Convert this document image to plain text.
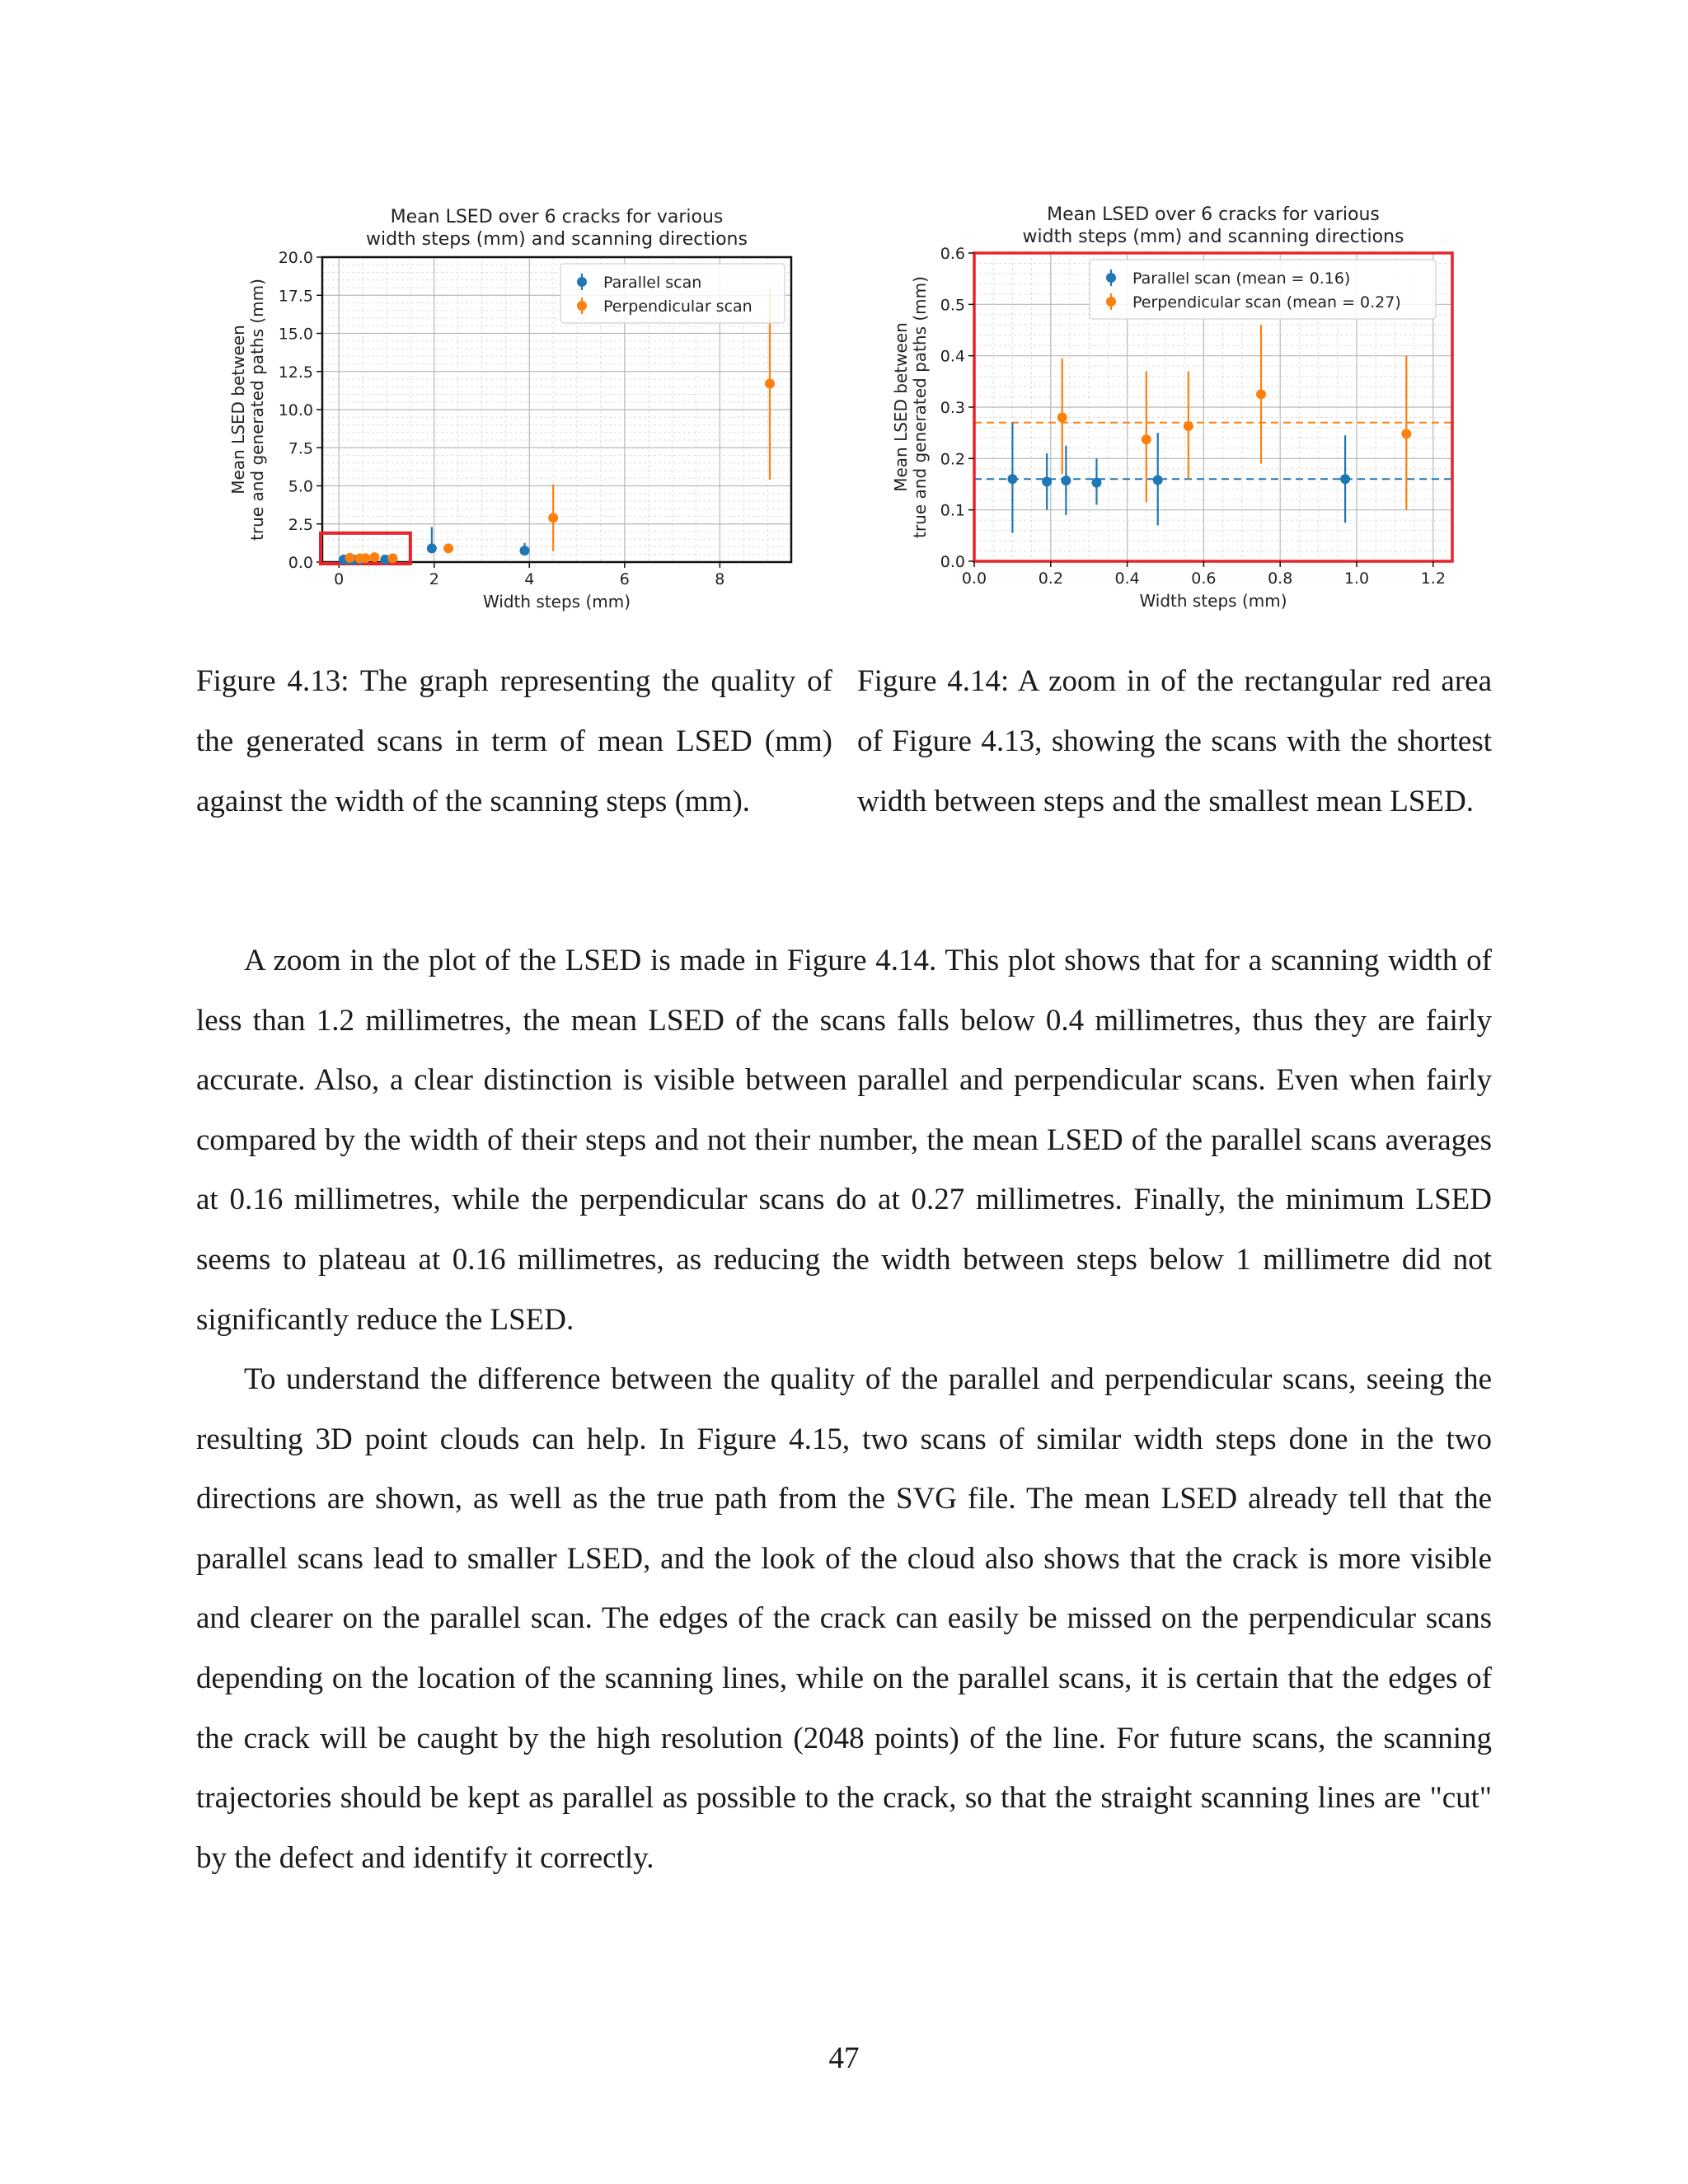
Mean LSED over 6 cracks for various
width steps (mm) and scanning directions
0	2	4	6	8
0.0
2.5
5.0
7.5
10.0
12.5
15.0
17.5
20.0
Width steps (mm)
Mean LSED between true and generated paths (mm)	Parallel scan
Perpendicular scan
Mean LSED over 6 cracks for various
width steps (mm) and scanning directions
0.0	0.2	0.4	0.6	0.8	1.0	1.2
0.0
0.1
0.2
0.3
0.4
0.5
0.6
Width steps (mm)
Mean LSED between true and generated paths (mm)	Parallel scan (mean = 0.16)
Perpendicular scan (mean = 0.27)
Figure 4.13: The graph representing the quality of the generated scans in term of mean LSED (mm) against the width of the scanning steps (mm).
Figure 4.14: A zoom in of the rectangular red area of Figure 4.13, showing the scans with the shortest width between steps and the smallest mean LSED.

A zoom in the plot of the LSED is made in Figure 4.14. This plot shows that for a scanning width of less than 1.2 millimetres, the mean LSED of the scans falls below 0.4 millimetres, thus they are fairly accurate. Also, a clear distinction is visible between parallel and perpendicular scans. Even when fairly compared by the width of their steps and not their number, the mean LSED of the parallel scans averages at 0.16 millimetres, while the perpendicular scans do at 0.27 millimetres. Finally, the minimum LSED seems to plateau at 0.16 millimetres, as reducing the width between steps below 1 millimetre did not significantly reduce the LSED.

To understand the difference between the quality of the parallel and perpendicular scans, seeing the resulting 3D point clouds can help. In Figure 4.15, two scans of similar width steps done in the two directions are shown, as well as the true path from the SVG file. The mean LSED already tell that the parallel scans lead to smaller LSED, and the look of the cloud also shows that the crack is more visible and clearer on the parallel scan. The edges of the crack can easily be missed on the perpendicular scans depending on the location of the scanning lines, while on the parallel scans, it is certain that the edges of the crack will be caught by the high resolution (2048 points) of the line. For future scans, the scanning trajectories should be kept as parallel as possible to the crack, so that the straight scanning lines are "cut" by the defect and identify it correctly.

47
